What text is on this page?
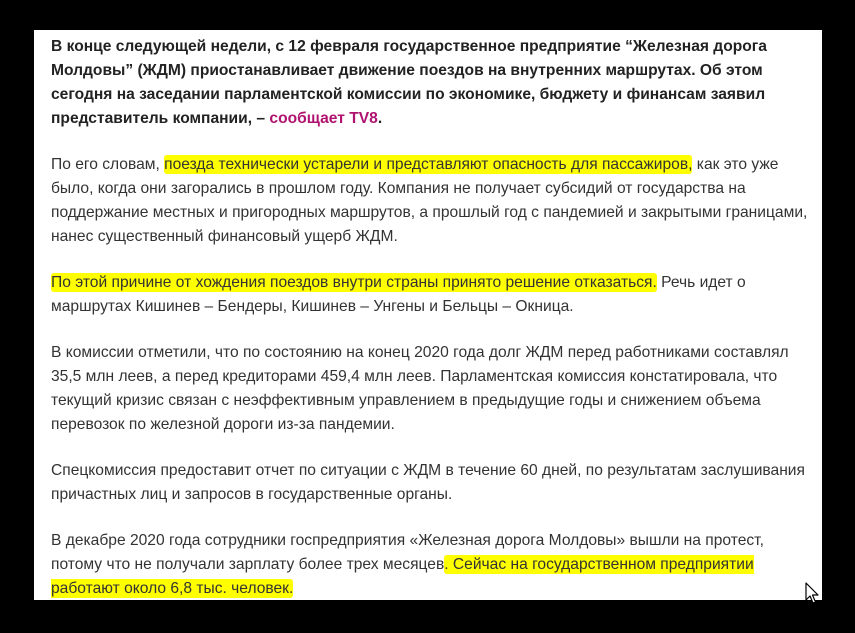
В конце следующей недели, с 12 февраля государственное предприятие “Железная дорога Молдовы” (ЖДМ) приостанавливает движение поездов на внутренних маршрутах. Об этом сегодня на заседании парламентской комиссии по экономике, бюджету и финансам заявил представитель компании, – сообщает TV8.

По его словам, поезда технически устарели и представляют опасность для пассажиров, как это уже было, когда они загорались в прошлом году. Компания не получает субсидий от государства на поддержание местных и пригородных маршрутов, а прошлый год с пандемией и закрытыми границами, нанес существенный финансовый ущерб ЖДМ.

По этой причине от хождения поездов внутри страны принято решение отказаться. Речь идет о маршрутах Кишинев – Бендеры, Кишинев – Унгены и Бельцы – Окница.

В комиссии отметили, что по состоянию на конец 2020 года долг ЖДМ перед работниками составлял 35,5 млн леев, а перед кредиторами 459,4 млн леев. Парламентская комиссия констатировала, что текущий кризис связан с неэффективным управлением в предыдущие годы и снижением объема перевозок по железной дороги из-за пандемии.

Спецкомиссия предоставит отчет по ситуации с ЖДМ в течение 60 дней, по результатам заслушивания причастных лиц и запросов в государственные органы.

В декабре 2020 года сотрудники госпредприятия «Железная дорога Молдовы» вышли на протест, потому что не получали зарплату более трех месяцев. Сейчас на государственном предприятии работают около 6,8 тыс. человек.
